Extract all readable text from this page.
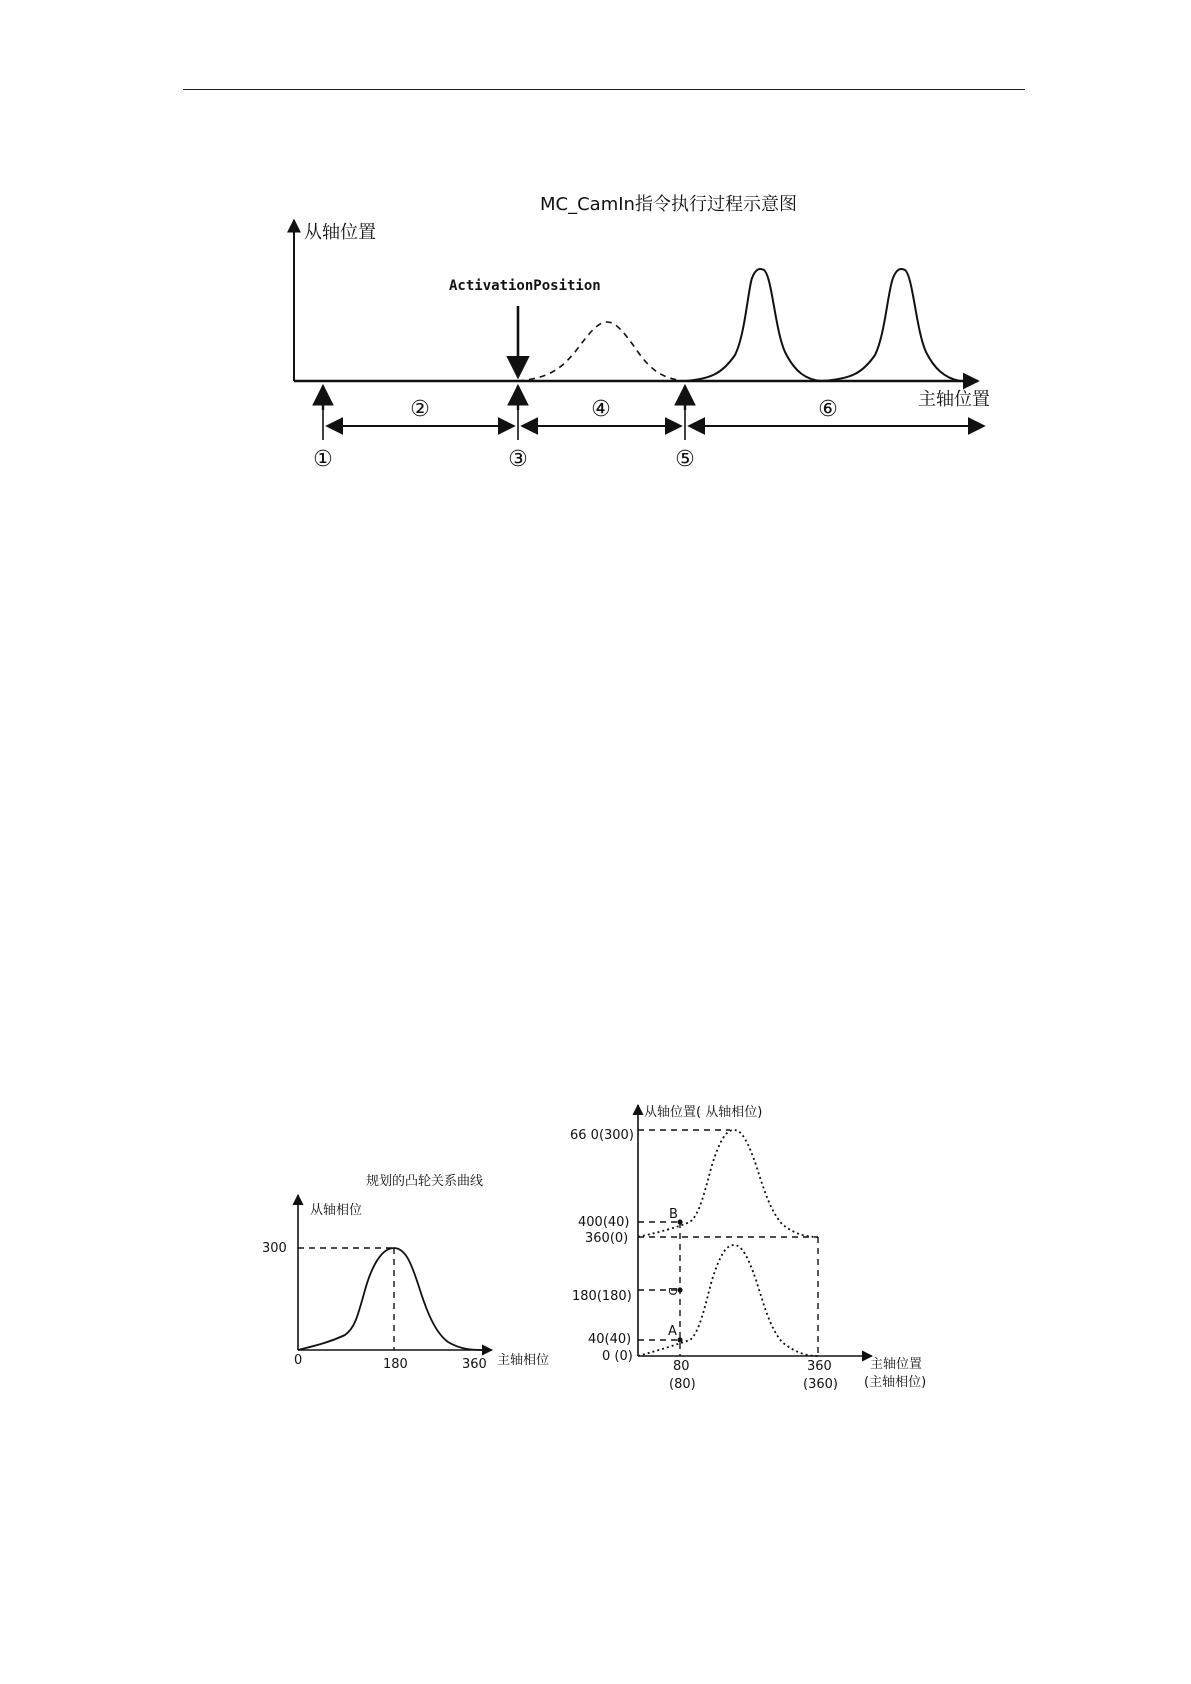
MC_CamIn指令执行过程示意图
从轴位置
主轴位置
ActivationPosition
②	④	⑥
①	③	⑤
规划的凸轮关系曲线
从轴相位
主轴相位
300
0	180	360
从轴位置( 从轴相位)
主轴位置
(主轴相位)
66 0(300)
400(40)
360(0)
180(180)
40(40)
0 (0)
80
(80)
360
(360)
B
D
A
